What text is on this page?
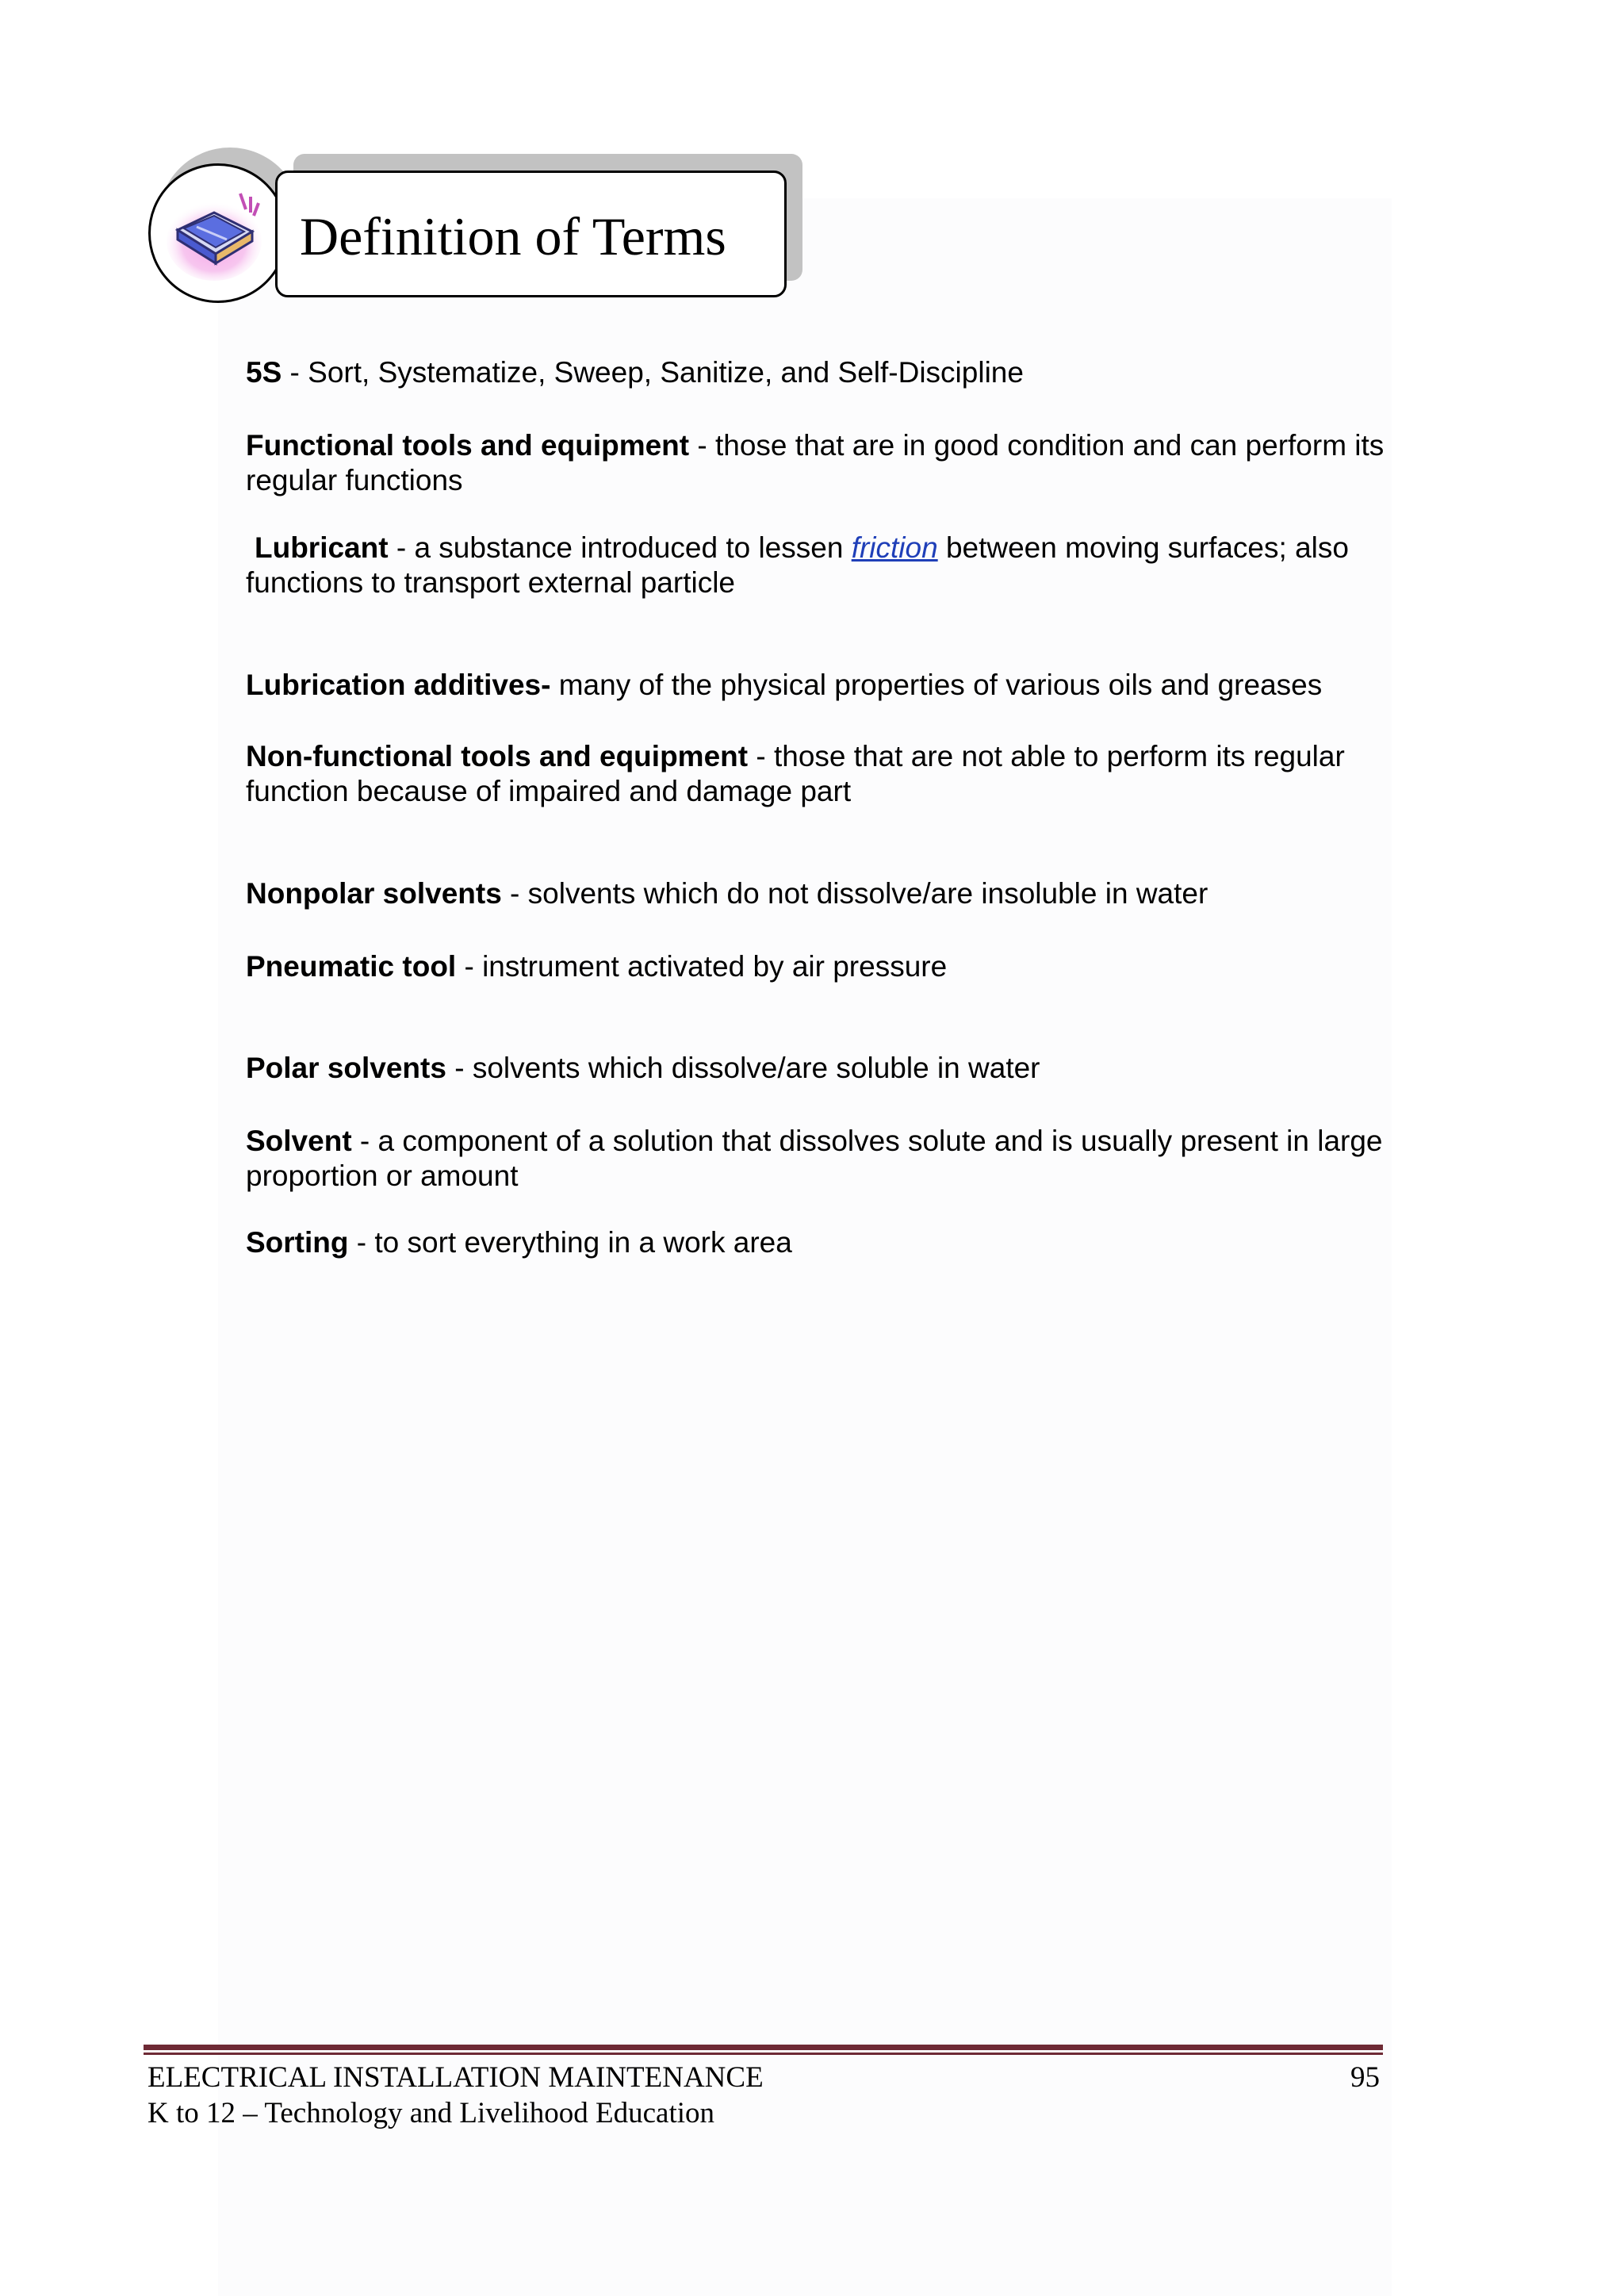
Definition of Terms
5S - Sort, Systematize, Sweep, Sanitize, and Self-Discipline
Functional tools and equipment - those that are in good condition and can perform its regular functions
Lubricant - a substance introduced to lessen friction between moving surfaces; also functions to transport external particle
Lubrication additives- many of the physical properties of various oils and greases
Non-functional tools and equipment - those that are not able to perform its regular function because of impaired and damage part
Nonpolar solvents - solvents which do not dissolve/are insoluble in water
Pneumatic tool - instrument activated by air pressure
Polar solvents - solvents which dissolve/are soluble in water
Solvent - a component of a solution that dissolves solute and is usually present in large proportion or amount
Sorting - to sort everything in a work area
ELECTRICAL INSTALLATION MAINTENANCE
K to 12 – Technology and Livelihood Education
95
